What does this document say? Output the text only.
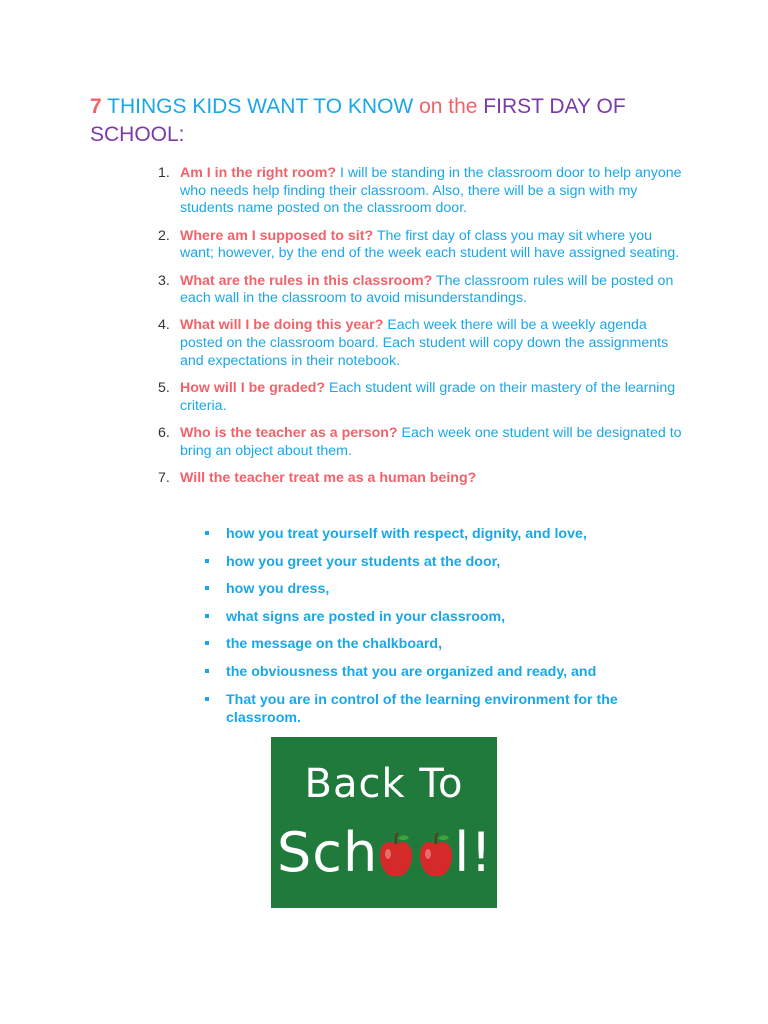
7 THINGS KIDS WANT TO KNOW on the FIRST DAY OF SCHOOL:
1. Am I in the right room? I will be standing in the classroom door to help anyone who needs help finding their classroom. Also, there will be a sign with my students name posted on the classroom door.
2. Where am I supposed to sit? The first day of class you may sit where you want; however, by the end of the week each student will have assigned seating.
3. What are the rules in this classroom? The classroom rules will be posted on each wall in the classroom to avoid misunderstandings.
4. What will I be doing this year? Each week there will be a weekly agenda posted on the classroom board. Each student will copy down the assignments and expectations in their notebook.
5. How will I be graded? Each student will grade on their mastery of the learning criteria.
6. Who is the teacher as a person? Each week one student will be designated to bring an object about them.
7. Will the teacher treat me as a human being?
how you treat yourself with respect, dignity, and love,
how you greet your students at the door,
how you dress,
what signs are posted in your classroom,
the message on the chalkboard,
the obviousness that you are organized and ready, and
That you are in control of the learning environment for the classroom.
Back To
Sch l!
